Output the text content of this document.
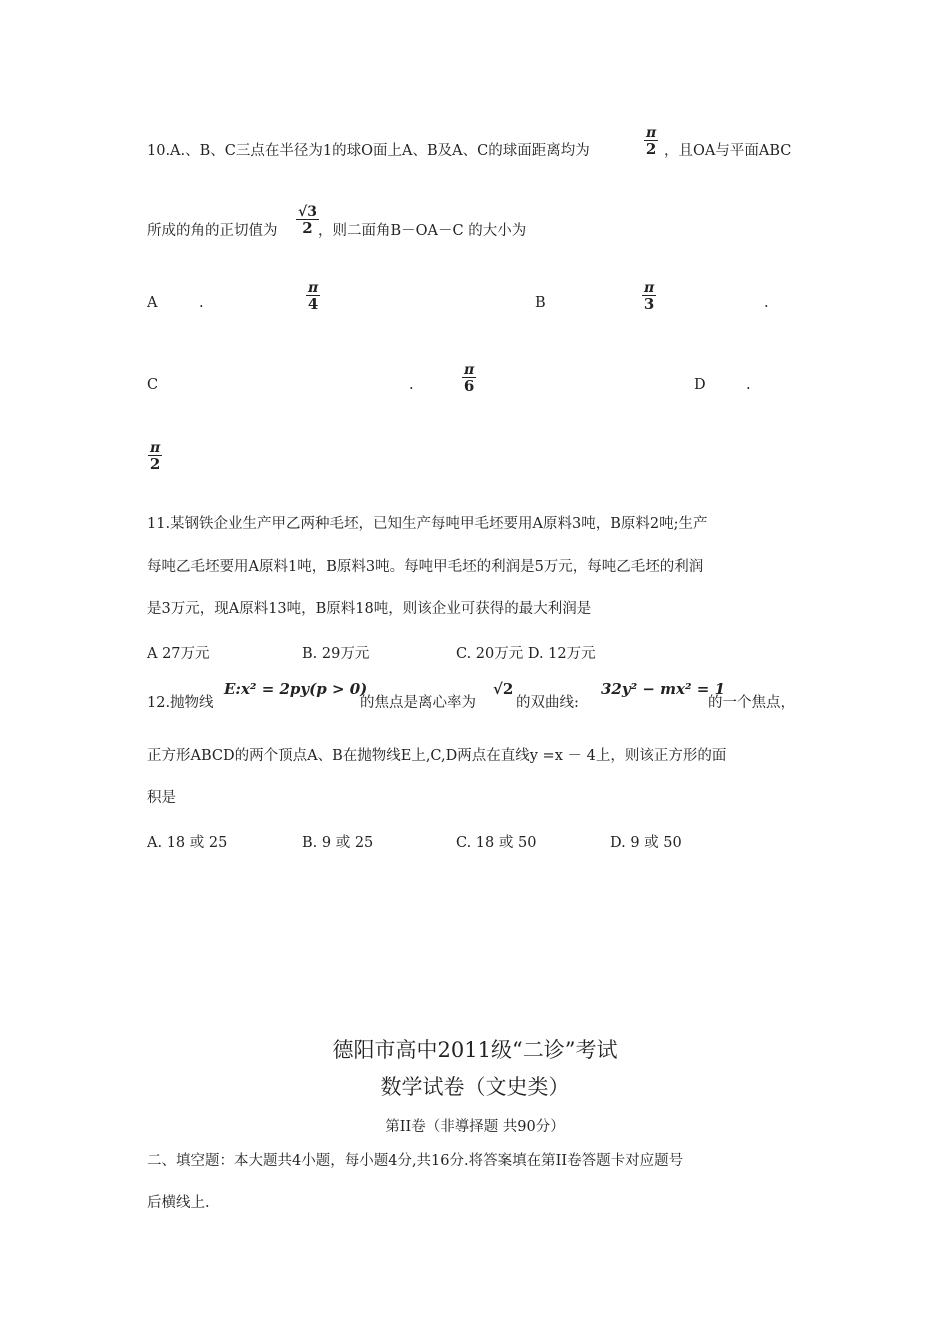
10.A.、B、C三点在半径为1的球O面上A、B及A、C的球面距离均为	$\frac{\pi}{2}$ ，且OA与平面ABC
所成的角的正切值为 $\frac{√3}{2}$ ，则二面角B－OA－C 的大小为
A	.	$\frac{\pi}{4}$	B	$\frac{\pi}{3}$	.
C	.	$\frac{\pi}{6}$	D	.
$\frac{\pi}{2}$
11.某钢铁企业生产甲乙两种毛坯，已知生产每吨甲毛坯要用A原料3吨，B原料2吨;生产
每吨乙毛坯要用A原料1吨，B原料3吨。每吨甲毛坯的利润是5万元，每吨乙毛坯的利润
是3万元，现A原料13吨，B原料18吨，则该企业可获得的最大利润是
A 27万元	B. 29万元	C. 20万元 D. 12万元
12.抛物线
E:x² = 2py(p > 0)
的焦点是离心率为
√2
的双曲线:
32y² − mx² = 1
的一个焦点，
正方形ABCD的两个顶点A、B在抛物线E上,C,D两点在直线y =x － 4上，则该正方形的面
积是
A. 18 或 25	B. 9 或 25	C. 18 或 50	D. 9 或 50
德阳市高中2011级“二诊”考试
数学试卷（文史类）
第II卷（非導择题 共90分）
二、填空题：本大题共4小题，每小题4分,共16分.将答案填在第II卷答题卡对应题号
后横线上.
